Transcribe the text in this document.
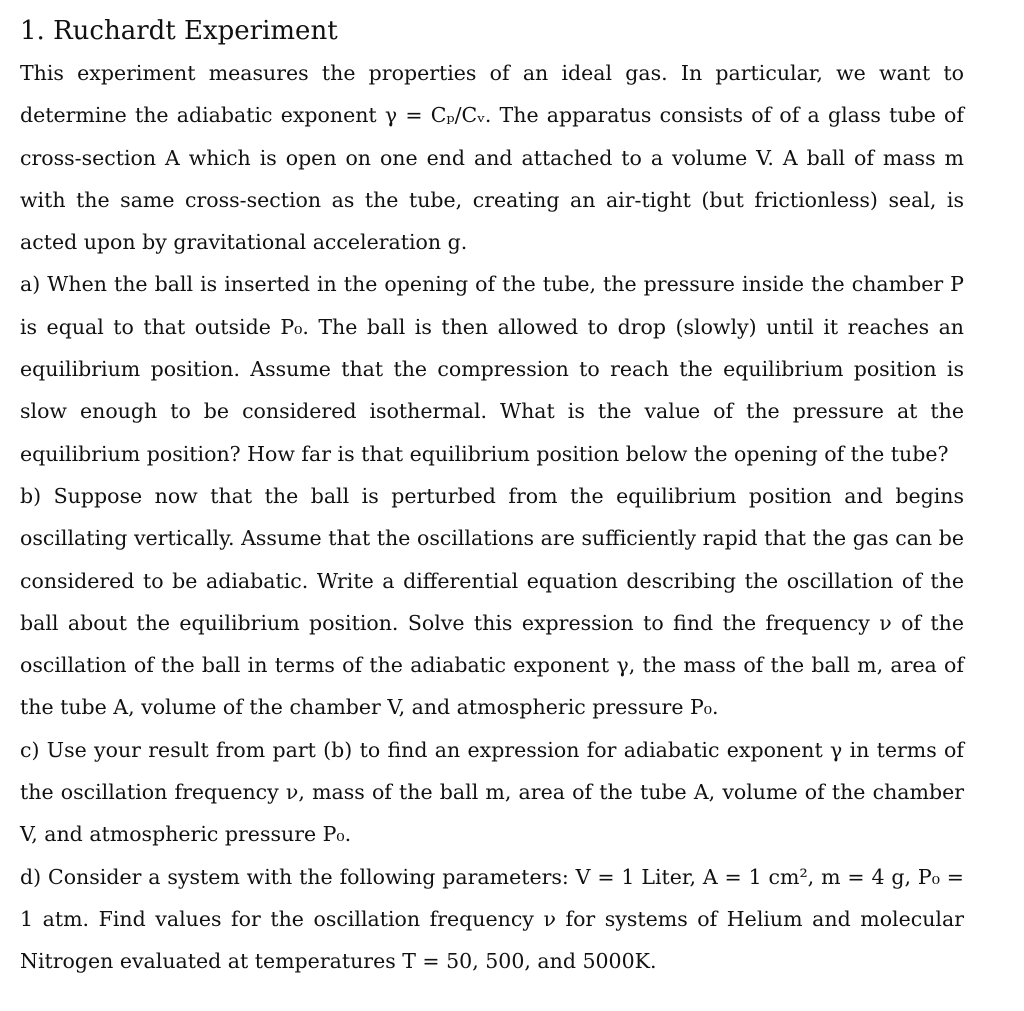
1. Ruchardt Experiment

This experiment measures the properties of an ideal gas. In particular, we want to determine the adiabatic exponent γ = Cₚ/Cᵥ. The apparatus consists of of a glass tube of cross-section A which is open on one end and attached to a volume V. A ball of mass m with the same cross-section as the tube, creating an air-tight (but frictionless) seal, is acted upon by gravitational acceleration g.

a) When the ball is inserted in the opening of the tube, the pressure inside the chamber P is equal to that outside P₀. The ball is then allowed to drop (slowly) until it reaches an equilibrium position. Assume that the compression to reach the equilibrium position is slow enough to be considered isothermal. What is the value of the pressure at the equilibrium position? How far is that equilibrium position below the opening of the tube?

b) Suppose now that the ball is perturbed from the equilibrium position and begins oscillating vertically. Assume that the oscillations are sufficiently rapid that the gas can be considered to be adiabatic. Write a differential equation describing the oscillation of the ball about the equilibrium position. Solve this expression to find the frequency ν of the oscillation of the ball in terms of the adiabatic exponent γ, the mass of the ball m, area of the tube A, volume of the chamber V, and atmospheric pressure P₀.

c) Use your result from part (b) to find an expression for adiabatic exponent γ in terms of the oscillation frequency ν, mass of the ball m, area of the tube A, volume of the chamber V, and atmospheric pressure P₀.

d) Consider a system with the following parameters: V = 1 Liter, A = 1 cm², m = 4 g, P₀ = 1 atm. Find values for the oscillation frequency ν for systems of Helium and molecular Nitrogen evaluated at temperatures T = 50, 500, and 5000K.
